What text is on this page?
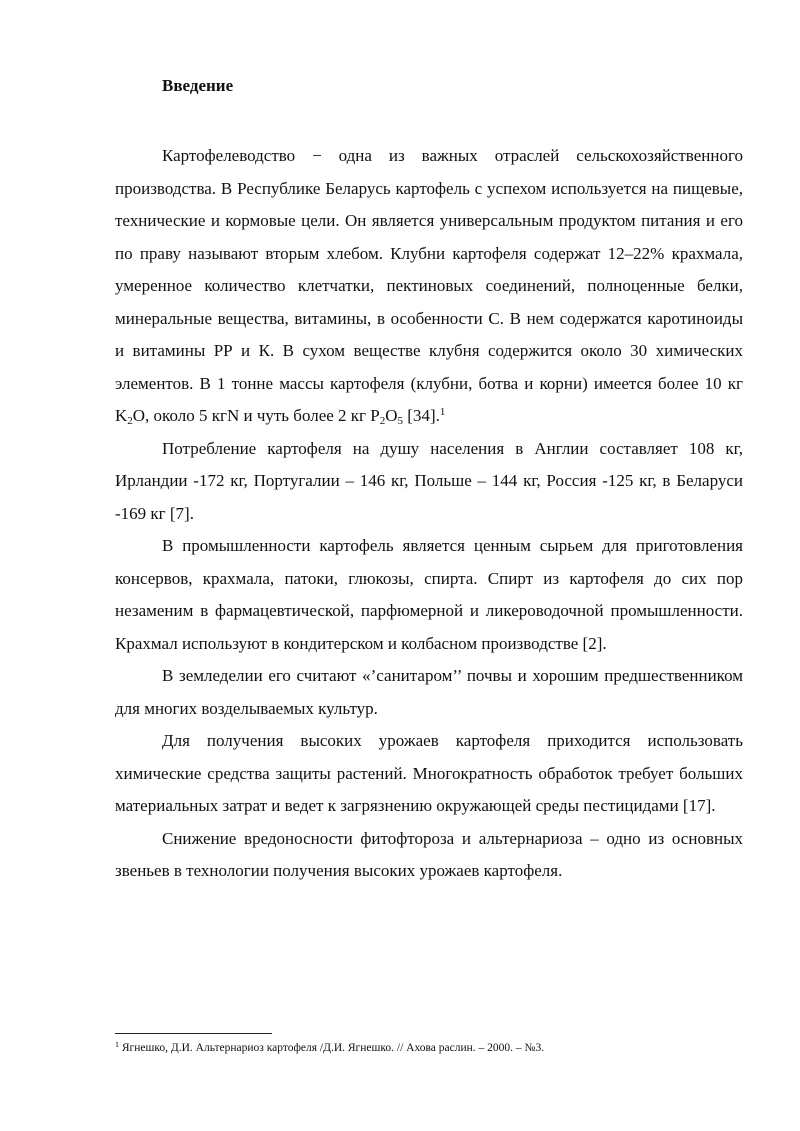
Введение

Картофелеводство − одна из важных отраслей сельскохозяйственного производства. В Республике Беларусь картофель с успехом используется на пищевые, технические и кормовые цели. Он является универсальным продуктом питания и его по праву называют вторым хлебом. Клубни картофеля содержат 12–22% крахмала, умеренное количество клетчатки, пектиновых соединений, полноценные белки, минеральные вещества, витамины, в особенности С. В нем содержатся каротиноиды и витамины РР и К. В сухом веществе клубня содержится около 30 химических элементов. В 1 тонне массы картофеля (клубни, ботва и корни) имеется более 10 кг $K_2O$, около 5 кгN и чуть более 2 кг $P_2O_5$ [34].$^1$

Потребление картофеля на душу населения в Англии составляет 108 кг, Ирландии -172 кг, Португалии – 146 кг, Польше – 144 кг, Россия -125 кг, в Беларуси -169 кг [7].

В промышленности картофель является ценным сырьем для приготовления консервов, крахмала, патоки, глюкозы, спирта. Спирт из картофеля до сих пор незаменим в фармацевтической, парфюмерной и ликероводочной промышленности. Крахмал используют в кондитерском и колбасном производстве [2].

В земледелии его считают «’санитаром’’ почвы и хорошим предшественником для многих возделываемых культур.

Для получения высоких урожаев картофеля приходится использовать химические средства защиты растений. Многократность обработок требует больших материальных затрат и ведет к загрязнению окружающей среды пестицидами [17].

Снижение вредоносности фитофтороза и альтернариоза – одно из основных звеньев в технологии получения высоких урожаев картофеля.

$^1$ Ягнешко, Д.И. Альтернариоз картофеля /Д.И. Ягнешко. // Ахова раслин. – 2000. – №3.
